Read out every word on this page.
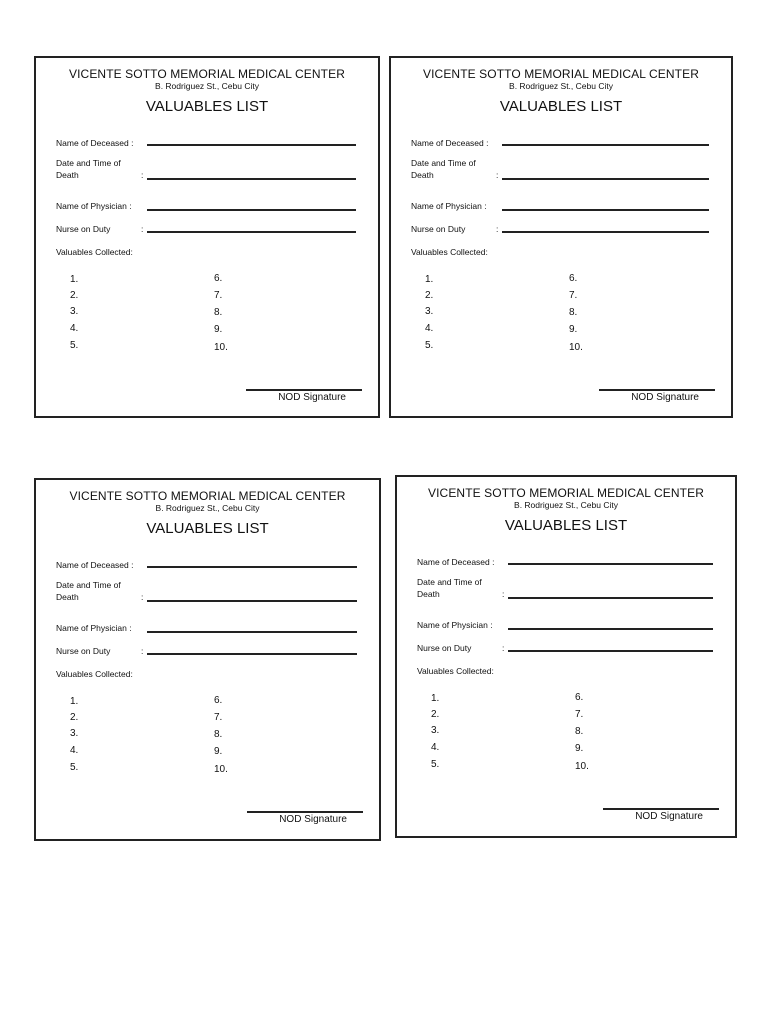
VICENTE SOTTO MEMORIAL MEDICAL CENTER
B. Rodriguez St., Cebu City
VALUABLES LIST
Name of Deceased :
Date and Time of
Death	:
Name of Physician :
Nurse on Duty	:
Valuables Collected:
1.
2.
3.
4.
5.
6.
7.
8.
9.
10.
NOD Signature
VICENTE SOTTO MEMORIAL MEDICAL CENTER
B. Rodriguez St., Cebu City
VALUABLES LIST
Name of Deceased :
Date and Time of
Death	:
Name of Physician :
Nurse on Duty	:
Valuables Collected:
1.
2.
3.
4.
5.
6.
7.
8.
9.
10.
NOD Signature
VICENTE SOTTO MEMORIAL MEDICAL CENTER
B. Rodriguez St., Cebu City
VALUABLES LIST
Name of Deceased :
Date and Time of
Death	:
Name of Physician :
Nurse on Duty	:
Valuables Collected:
1.
2.
3.
4.
5.
6.
7.
8.
9.
10.
NOD Signature
VICENTE SOTTO MEMORIAL MEDICAL CENTER
B. Rodriguez St., Cebu City
VALUABLES LIST
Name of Deceased :
Date and Time of
Death	:
Name of Physician :
Nurse on Duty	:
Valuables Collected:
1.
2.
3.
4.
5.
6.
7.
8.
9.
10.
NOD Signature
